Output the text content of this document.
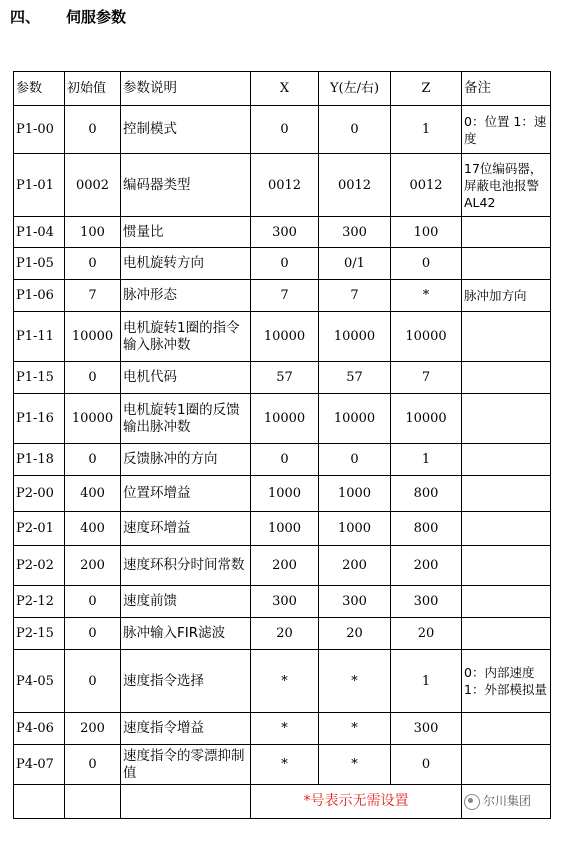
四、 伺服参数
参数	初始值	参数说明	X	Y(左/右)	Z	备注
P1-00	0	控制模式	0	0	1	0：位置 1：速度
P1-01	0002	编码器类型	0012	0012	0012	17位编码器，屏蔽电池报警AL42
P1-04	100	惯量比	300	300	100	
P1-05	0	电机旋转方向	0	0/1	0	
P1-06	7	脉冲形态	7	7	*	脉冲加方向
P1-11	10000	电机旋转1圈的指令输入脉冲数	10000	10000	10000	
P1-15	0	电机代码	57	57	7	
P1-16	10000	电机旋转1圈的反馈输出脉冲数	10000	10000	10000	
P1-18	0	反馈脉冲的方向	0	0	1	
P2-00	400	位置环增益	1000	1000	800	
P2-01	400	速度环增益	1000	1000	800	
P2-02	200	速度环积分时间常数	200	200	200	
P2-12	0	速度前馈	300	300	300	
P2-15	0	脉冲输入FIR滤波	20	20	20	
P4-05	0	速度指令选择	*	*	1	0：内部速度 1：外部模拟量
P4-06	200	速度指令增益	*	*	300	
P4-07	0	速度指令的零漂抑制值	*	*	0	
			*号表示无需设置			尔川集团
